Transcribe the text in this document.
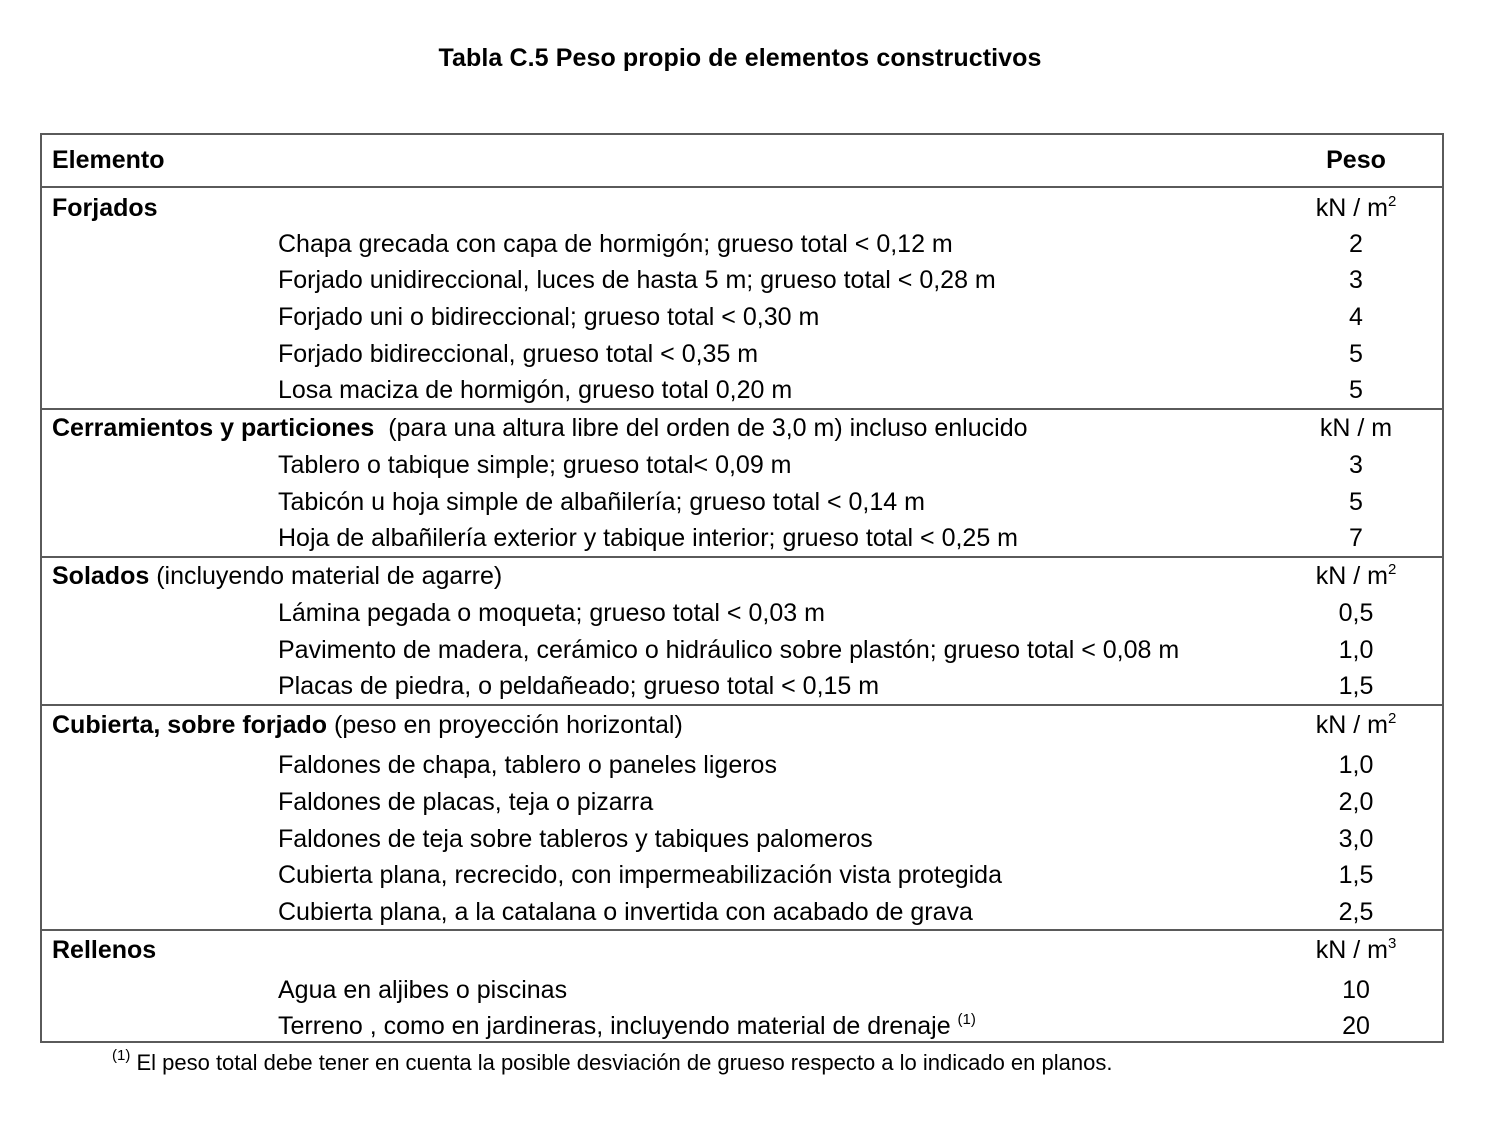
Tabla C.5 Peso propio de elementos constructivos
Elemento	Peso
Forjados	kN / $m^2$
Chapa grecada con capa de hormigón; grueso total < 0,12 m	2
Forjado unidireccional, luces de hasta 5 m; grueso total < 0,28 m	3
Forjado uni o bidireccional; grueso total < 0,30 m	4
Forjado bidireccional, grueso total < 0,35 m	5
Losa maciza de hormigón, grueso total 0,20 m	5
Cerramientos y particiones  (para una altura libre del orden de 3,0 m) incluso enlucido	kN / m
Tablero o tabique simple; grueso total< 0,09 m	3
Tabicón u hoja simple de albañilería; grueso total < 0,14 m	5
Hoja de albañilería exterior y tabique interior; grueso total < 0,25 m	7
Solados (incluyendo material de agarre)	kN / $m^2$
Lámina pegada o moqueta; grueso total < 0,03 m	0,5
Pavimento de madera, cerámico o hidráulico sobre plastón; grueso total < 0,08 m	1,0
Placas de piedra, o peldañeado; grueso total < 0,15 m	1,5
Cubierta, sobre forjado (peso en proyección horizontal)	kN / $m^2$
Faldones de chapa, tablero o paneles ligeros	1,0
Faldones de placas, teja o pizarra	2,0
Faldones de teja sobre tableros y tabiques palomeros	3,0
Cubierta plana, recrecido, con impermeabilización vista protegida	1,5
Cubierta plana, a la catalana o invertida con acabado de grava	2,5
Rellenos	kN / $m^3$
Agua en aljibes o piscinas	10
Terreno , como en jardineras, incluyendo material de drenaje $^{(1)}$	20
$^{(1)}$ El peso total debe tener en cuenta la posible desviación de grueso respecto a lo indicado en planos.
